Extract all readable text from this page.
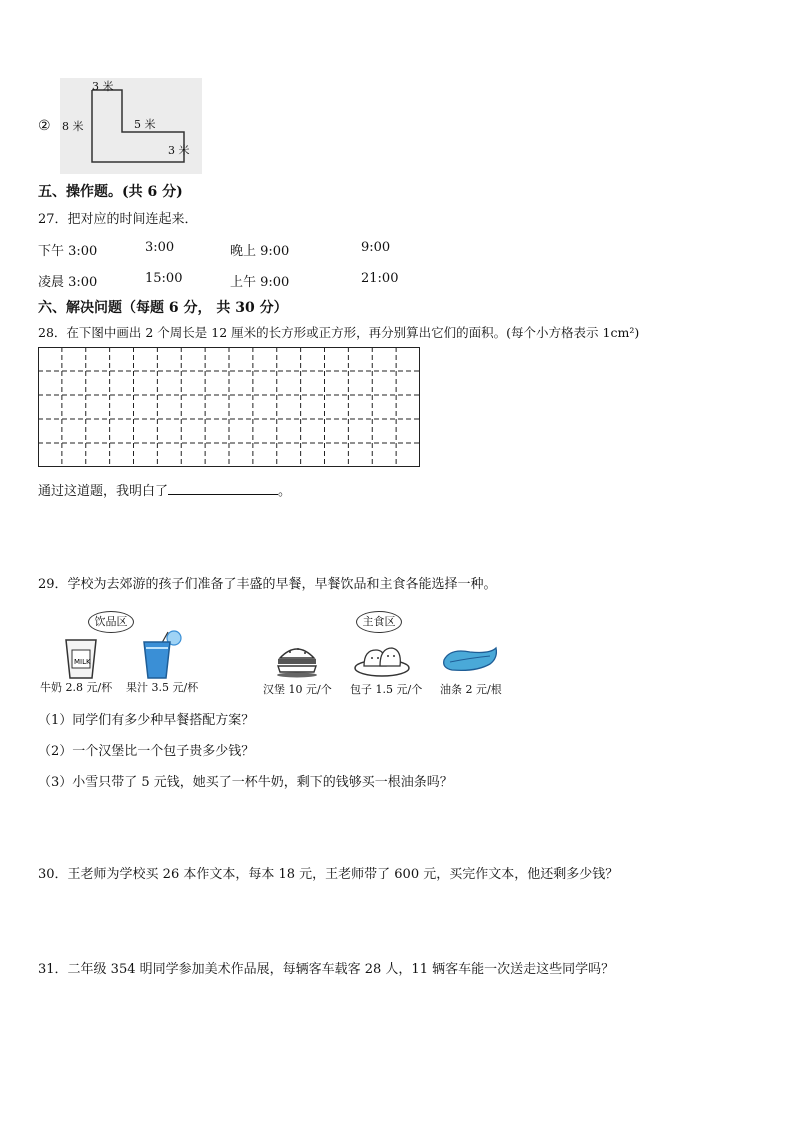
②
3 米
8 米	5 米
3 米
五、操作题。(共 6 分)
27．把对应的时间连起来．
下午 3:00	3:00	晚上 9:00	9:00
凌晨 3:00	15:00	上午 9:00	21:00
六、解决问题（每题 6 分， 共 30 分）
28．在下图中画出 2 个周长是 12 厘米的长方形或正方形，再分别算出它们的面积。(每个小方格表示 1cm²)
通过这道题，我明白了	。
29．学校为去郊游的孩子们准备了丰盛的早餐，早餐饮品和主食各能选择一种。
饮品区	主食区
MILK
牛奶 2.8 元/杯 果汁 3.5 元/杯	汉堡 10 元/个 包子 1.5 元/个 油条 2 元/根
（1）同学们有多少种早餐搭配方案？
（2）一个汉堡比一个包子贵多少钱？
（3）小雪只带了 5 元钱，她买了一杯牛奶，剩下的钱够买一根油条吗？
30．王老师为学校买 26 本作文本，每本 18 元，王老师带了 600 元，买完作文本，他还剩多少钱？
31．二年级 354 明同学参加美术作品展，每辆客车载客 28 人，11 辆客车能一次送走这些同学吗？
